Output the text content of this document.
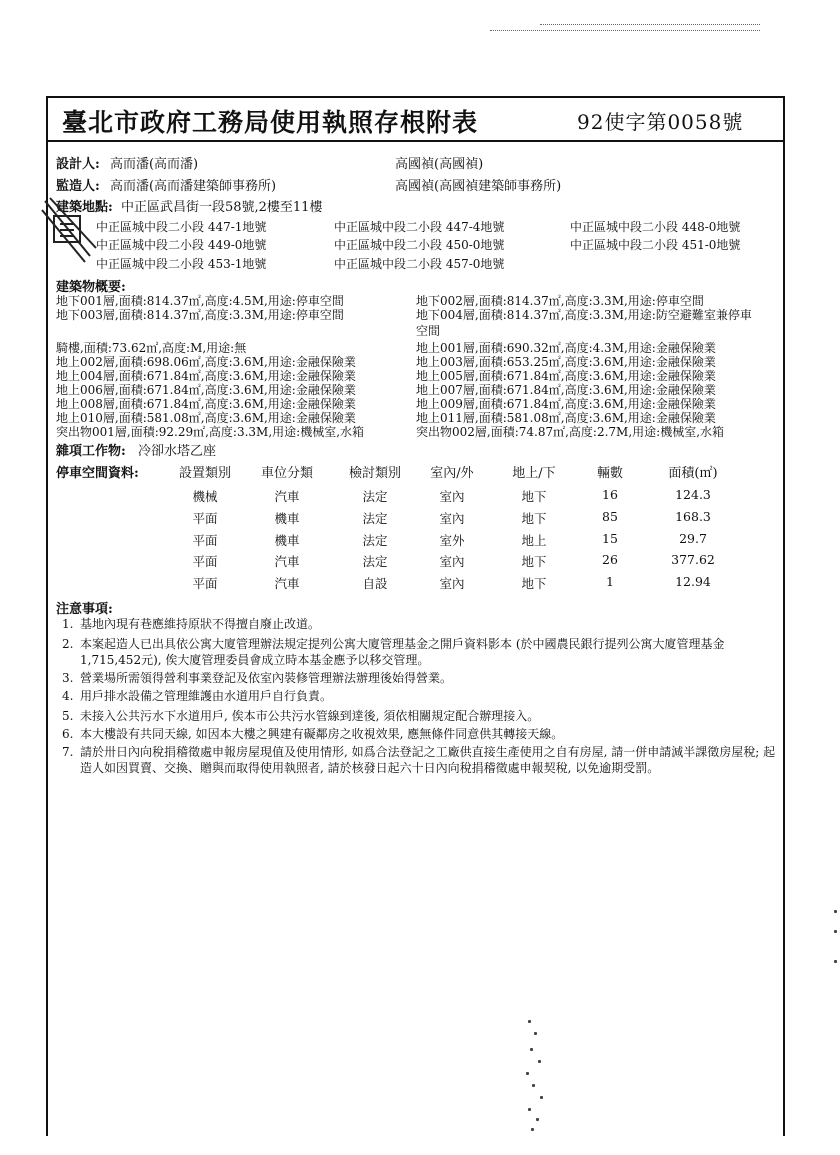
臺北市政府工務局使用執照存根附表	92使字第0058號
設計人: 高而潘(高而潘)	高國禎(高國禎)
監造人: 高而潘(高而潘建築師事務所)	高國禎(高國禎建築師事務所)
建築地點: 中正區武昌街一段58號,2樓至11樓
中正區城中段二小段 447-1地號	中正區城中段二小段 447-4地號	中正區城中段二小段 448-0地號
中正區城中段二小段 449-0地號	中正區城中段二小段 450-0地號	中正區城中段二小段 451-0地號
中正區城中段二小段 453-1地號	中正區城中段二小段 457-0地號
建築物概要:
地下001層,面積:814.37㎡,高度:4.5M,用途:停車空間
地下003層,面積:814.37㎡,高度:3.3M,用途:停車空間
騎樓,面積:73.62㎡,高度:M,用途:無
地上002層,面積:698.06㎡,高度:3.6M,用途:金融保險業
地上004層,面積:671.84㎡,高度:3.6M,用途:金融保險業
地上006層,面積:671.84㎡,高度:3.6M,用途:金融保險業
地上008層,面積:671.84㎡,高度:3.6M,用途:金融保險業
地上010層,面積:581.08㎡,高度:3.6M,用途:金融保險業
突出物001層,面積:92.29㎡,高度:3.3M,用途:機械室,水箱
地下002層,面積:814.37㎡,高度:3.3M,用途:停車空間
地下004層,面積:814.37㎡,高度:3.3M,用途:防空避難室兼停車
空間
地上001層,面積:690.32㎡,高度:4.3M,用途:金融保險業
地上003層,面積:653.25㎡,高度:3.6M,用途:金融保險業
地上005層,面積:671.84㎡,高度:3.6M,用途:金融保險業
地上007層,面積:671.84㎡,高度:3.6M,用途:金融保險業
地上009層,面積:671.84㎡,高度:3.6M,用途:金融保險業
地上011層,面積:581.08㎡,高度:3.6M,用途:金融保險業
突出物002層,面積:74.87㎡,高度:2.7M,用途:機械室,水箱
雜項工作物: 冷卻水塔乙座
停車空間資料:	設置類別	車位分類	檢討類別	室內/外	地上/下	輛數	面積(㎡)
機械	汽車	法定	室內	地下	16	124.3
平面	機車	法定	室內	地下	85	168.3
平面	機車	法定	室外	地上	15	29.7
平面	汽車	法定	室內	地下	26	377.62
平面	汽車	自設	室內	地下	1	12.94
注意事項:
1. 基地內現有巷應維持原狀不得擅自廢止改道。
2. 本案起造人已出具依公寓大廈管理辦法規定提列公寓大廈管理基金之開戶資料影本 (於中國農民銀行提列公寓大廈管理基金1,715,452元), 俟大廈管理委員會成立時本基金應予以移交管理。
3. 營業場所需領得營利事業登記及依室內裝修管理辦法辦理後始得營業。
4. 用戶排水設備之管理維護由水道用戶自行負責。
5. 未接入公共污水下水道用戶, 俟本市公共污水管線到達後, 須依相關規定配合辦理接入。
6. 本大樓設有共同天線, 如因本大樓之興建有礙鄰房之收視效果, 應無條件同意供其轉接天線。
7. 請於卅日內向稅捐稽徵處申報房屋現值及使用情形, 如爲合法登記之工廠供直接生產使用之自有房屋, 請一併申請減半課徵房屋稅; 起造人如因買賣、交換、贈與而取得使用執照者, 請於核發日起六十日內向稅捐稽徵處申報契稅, 以免逾期受罰。
